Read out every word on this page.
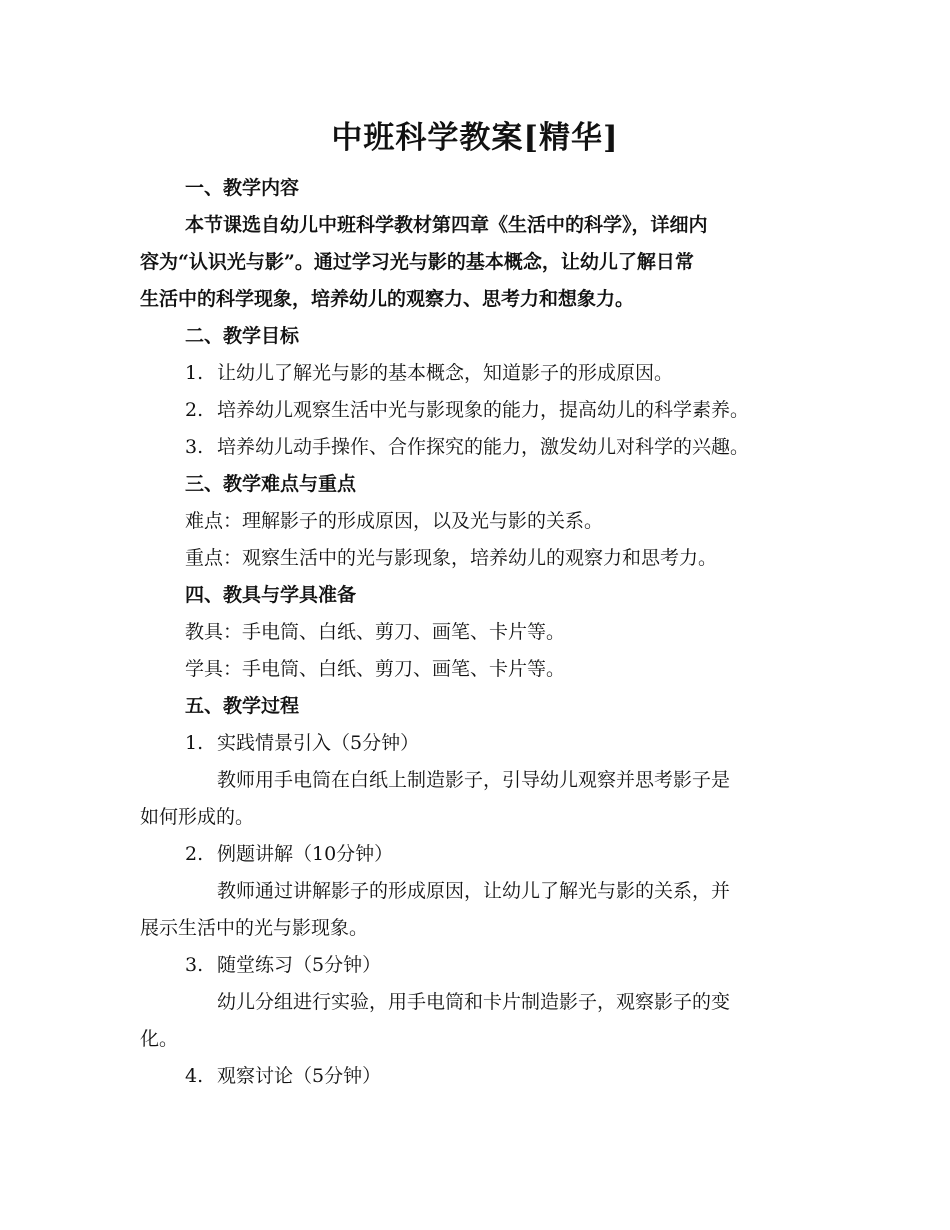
中班科学教案[精华]
一、教学内容
本节课选自幼儿中班科学教材第四章《生活中的科学》，详细内
容为“认识光与影”。通过学习光与影的基本概念，让幼儿了解日常
生活中的科学现象，培养幼儿的观察力、思考力和想象力。
二、教学目标
1. 让幼儿了解光与影的基本概念，知道影子的形成原因。
2. 培养幼儿观察生活中光与影现象的能力，提高幼儿的科学素养。
3. 培养幼儿动手操作、合作探究的能力，激发幼儿对科学的兴趣。
三、教学难点与重点
难点：理解影子的形成原因，以及光与影的关系。
重点：观察生活中的光与影现象，培养幼儿的观察力和思考力。
四、教具与学具准备
教具：手电筒、白纸、剪刀、画笔、卡片等。
学具：手电筒、白纸、剪刀、画笔、卡片等。
五、教学过程
1. 实践情景引入（5分钟）
教师用手电筒在白纸上制造影子，引导幼儿观察并思考影子是
如何形成的。
2. 例题讲解（10分钟）
教师通过讲解影子的形成原因，让幼儿了解光与影的关系，并
展示生活中的光与影现象。
3. 随堂练习（5分钟）
幼儿分组进行实验，用手电筒和卡片制造影子，观察影子的变
化。
4. 观察讨论（5分钟）
